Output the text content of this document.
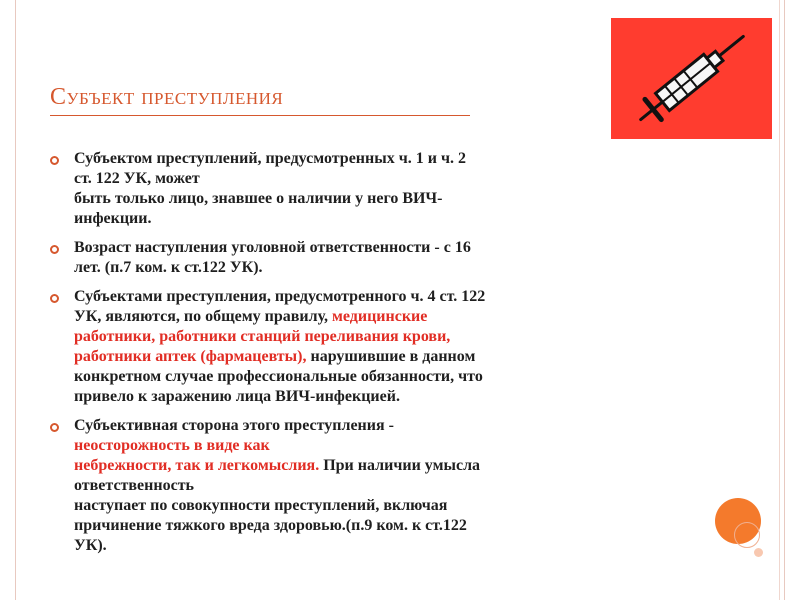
Субъект преступления
Субъектом преступлений, предусмотренных ч. 1 и ч. 2
ст. 122 УК, может
быть только лицо, знавшее о наличии у него ВИЧ-
инфекции.
Возраст наступления уголовной ответственности - с 16
лет. (п.7 ком. к ст.122 УК).
Субъектами преступления, предусмотренного ч. 4 ст. 122
УК, являются, по общему правилу, медицинские
работники, работники станций переливания крови,
работники аптек (фармацевты), нарушившие в данном
конкретном случае профессиональные обязанности, что
привело к заражению лица ВИЧ-инфекцией.
Субъективная сторона этого преступления -
неосторожность в виде как
небрежности, так и легкомыслия. При наличии умысла
ответственность
наступает по совокупности преступлений, включая
причинение тяжкого вреда здоровью.(п.9 ком. к ст.122
УК).
